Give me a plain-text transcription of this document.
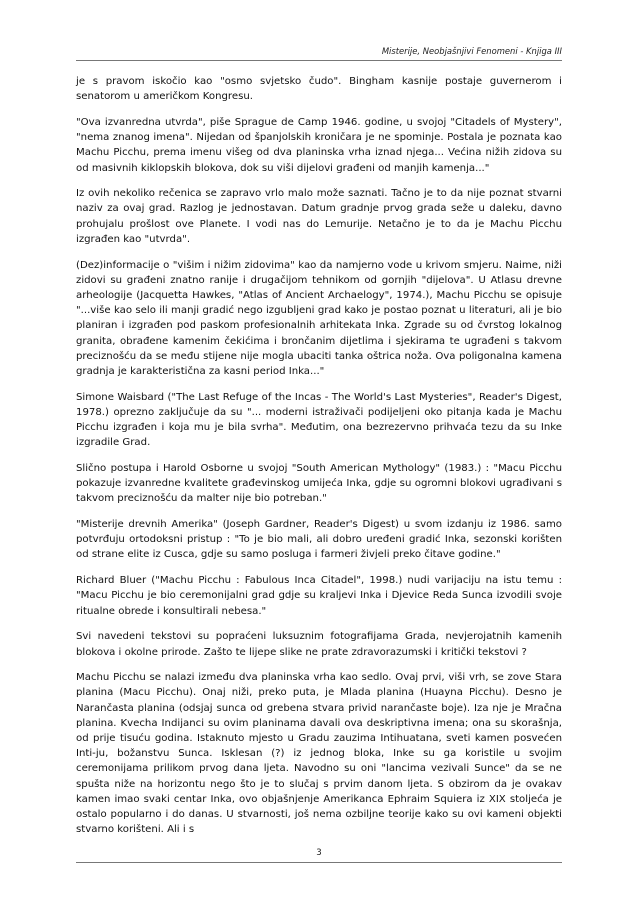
Misterije, Neobjašnjivi Fenomeni - Knjiga III

je s pravom iskočio kao "osmo svjetsko čudo". Bingham kasnije postaje guvernerom i senatorom u američkom Kongresu.

"Ova izvanredna utvrda", piše Sprague de Camp 1946. godine, u svojoj "Citadels of Mystery", "nema znanog imena". Nijedan od španjolskih kroničara je ne spominje. Postala je poznata kao Machu Picchu, prema imenu višeg od dva planinska vrha iznad njega... Većina nižih zidova su od masivnih kiklopskih blokova, dok su viši dijelovi građeni od manjih kamenja..."

Iz ovih nekoliko rečenica se zapravo vrlo malo može saznati. Tačno je to da nije poznat stvarni naziv za ovaj grad. Razlog je jednostavan. Datum gradnje prvog grada seže u daleku, davno prohujalu prošlost ove Planete. I vodi nas do Lemurije. Netačno je to da je Machu Picchu izgrađen kao "utvrda".

(Dez)informacije o "višim i nižim zidovima" kao da namjerno vode u krivom smjeru. Naime, niži zidovi su građeni znatno ranije i drugačijom tehnikom od gornjih "dijelova". U Atlasu drevne arheologije (Jacquetta Hawkes, "Atlas of Ancient Archaelogy", 1974.), Machu Picchu se opisuje "...više kao selo ili manji gradić nego izgubljeni grad kako je postao poznat u literaturi, ali je bio planiran i izgrađen pod paskom profesionalnih arhitekata Inka. Zgrade su od čvrstog lokalnog granita, obrađene kamenim čekićima i brončanim dijetlima i sjekirama te ugrađeni s takvom preciznošću da se među stijene nije mogla ubaciti tanka oštrica noža. Ova poligonalna kamena gradnja je karakteristična za kasni period Inka..."

Simone Waisbard ("The Last Refuge of the Incas - The World's Last Mysteries", Reader's Digest, 1978.) oprezno zaključuje da su "... moderni istraživači podijeljeni oko pitanja kada je Machu Picchu izgrađen i koja mu je bila svrha". Međutim, ona bezrezervno prihvaća tezu da su Inke izgradile Grad.

Slično postupa i Harold Osborne u svojoj "South American Mythology" (1983.) : "Macu Picchu pokazuje izvanredne kvalitete građevinskog umijeća Inka, gdje su ogromni blokovi ugrađivani s takvom preciznošću da malter nije bio potreban."

"Misterije drevnih Amerika" (Joseph Gardner, Reader's Digest) u svom izdanju iz 1986. samo potvrđuju ortodoksni pristup : "To je bio mali, ali dobro uređeni gradić Inka, sezonski korišten od strane elite iz Cusca, gdje su samo posluga i farmeri živjeli preko čitave godine."

Richard Bluer ("Machu Picchu : Fabulous Inca Citadel", 1998.) nudi varijaciju na istu temu : "Macu Picchu je bio ceremonijalni grad gdje su kraljevi Inka i Djevice Reda Sunca izvodili svoje ritualne obrede i konsultirali nebesa."

Svi navedeni tekstovi su popraćeni luksuznim fotografijama Grada, nevjerojatnih kamenih blokova i okolne prirode. Zašto te lijepe slike ne prate zdravorazumski i kritički tekstovi ?

Machu Picchu se nalazi između dva planinska vrha kao sedlo. Ovaj prvi, viši vrh, se zove Stara planina (Macu Picchu). Onaj niži, preko puta, je Mlada planina (Huayna Picchu). Desno je Narančasta planina (odsjaj sunca od grebena stvara privid narančaste boje). Iza nje je Mračna planina. Kvecha Indijanci su ovim planinama davali ova deskriptivna imena; ona su skorašnja, od prije tisuću godina. Istaknuto mjesto u Gradu zauzima Intihuatana, sveti kamen posvećen Inti-ju, božanstvu Sunca. Isklesan (?) iz jednog bloka, Inke su ga koristile u svojim ceremonijama prilikom prvog dana ljeta. Navodno su oni "lancima vezivali Sunce" da se ne spušta niže na horizontu nego što je to slučaj s prvim danom ljeta. S obzirom da je ovakav kamen imao svaki centar Inka, ovo objašnjenje Amerikanca Ephraim Squiera iz XIX stoljeća je ostalo popularno i do danas. U stvarnosti, još nema ozbiljne teorije kako su ovi kameni objekti stvarno korišteni. Ali i s

3
